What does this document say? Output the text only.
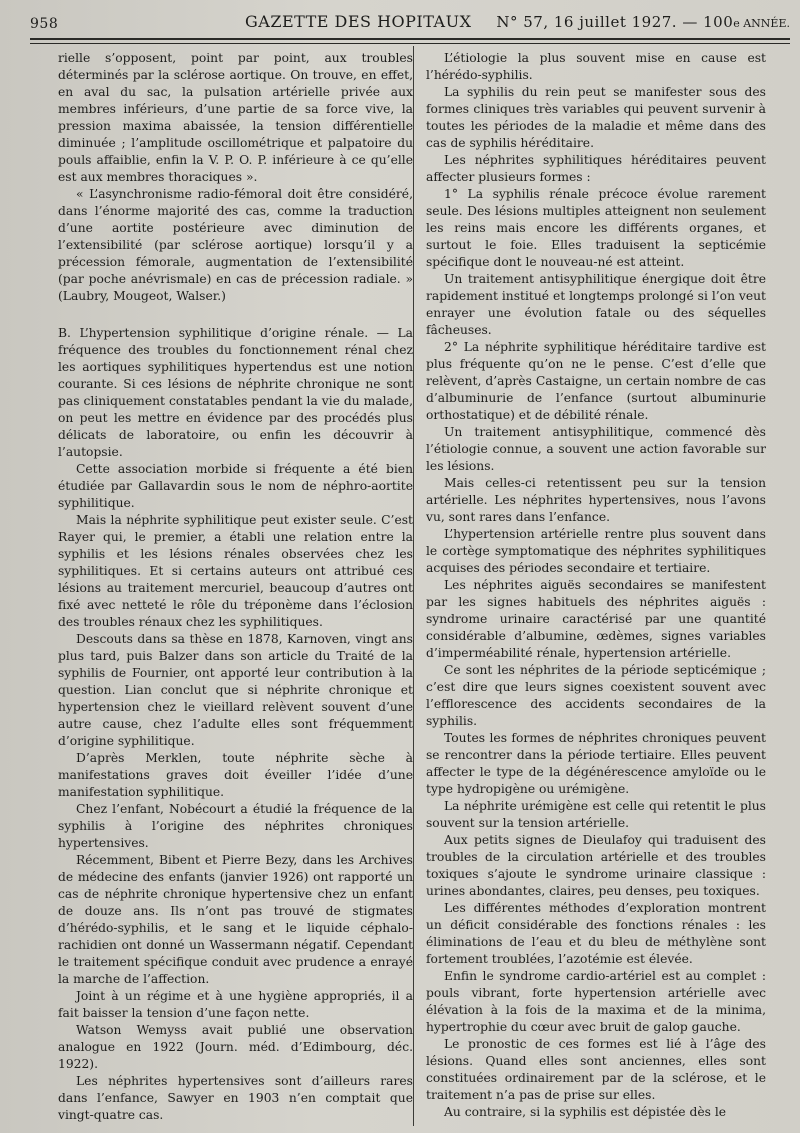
958	GAZETTE DES HOPITAUX N° 57, 16 juillet 1927. — 100e ANNÉE.

rielle s’opposent, point par point, aux troubles déterminés par la sclérose aortique. On trouve, en effet, en aval du sac, la pulsation artérielle privée aux membres inférieurs, d’une partie de sa force vive, la pression maxima abaissée, la tension différentielle diminuée ; l’amplitude oscillométrique et palpatoire du pouls affaiblie, enfin la V. P. O. P. inférieure à ce qu’elle est aux membres thoraciques ».

« L’asynchronisme radio-fémoral doit être considéré, dans l’énorme majorité des cas, comme la traduction d’une aortite postérieure avec diminution de l’extensibilité (par sclérose aortique) lorsqu’il y a précession fémorale, augmentation de l’extensibilité (par poche anévrismale) en cas de précession radiale. » (Laubry, Mougeot, Walser.)

B. L’hypertension syphilitique d’origine rénale. — La fréquence des troubles du fonctionnement rénal chez les aortiques syphilitiques hypertendus est une notion courante. Si ces lésions de néphrite chronique ne sont pas cliniquement constatables pendant la vie du malade, on peut les mettre en évidence par des procédés plus délicats de laboratoire, ou enfin les découvrir à l’autopsie.

Cette association morbide si fréquente a été bien étudiée par Gallavardin sous le nom de néphro-aortite syphilitique.

Mais la néphrite syphilitique peut exister seule. C’est Rayer qui, le premier, a établi une relation entre la syphilis et les lésions rénales observées chez les syphilitiques. Et si certains auteurs ont attribué ces lésions au traitement mercuriel, beaucoup d’autres ont fixé avec netteté le rôle du tréponème dans l’éclosion des troubles rénaux chez les syphilitiques.

Descouts dans sa thèse en 1878, Karnoven, vingt ans plus tard, puis Balzer dans son article du Traité de la syphilis de Fournier, ont apporté leur contribution à la question. Lian conclut que si néphrite chronique et hypertension chez le vieillard relèvent souvent d’une autre cause, chez l’adulte elles sont fréquemment d’origine syphilitique.

D’après Merklen, toute néphrite sèche à manifestations graves doit éveiller l’idée d’une manifestation syphilitique.

Chez l’enfant, Nobécourt a étudié la fréquence de la syphilis à l’origine des néphrites chroniques hypertensives.

Récemment, Bibent et Pierre Bezy, dans les Archives de médecine des enfants (janvier 1926) ont rapporté un cas de néphrite chronique hypertensive chez un enfant de douze ans. Ils n’ont pas trouvé de stigmates d’hérédo-syphilis, et le sang et le liquide céphalo-rachidien ont donné un Wassermann négatif. Cependant le traitement spécifique conduit avec prudence a enrayé la marche de l’affection.

Joint à un régime et à une hygiène appropriés, il a fait baisser la tension d’une façon nette.

Watson Wemyss avait publié une observation analogue en 1922 (Journ. méd. d’Edimbourg, déc. 1922).

Les néphrites hypertensives sont d’ailleurs rares dans l’enfance, Sawyer en 1903 n’en comptait que vingt-quatre cas.

L’étiologie la plus souvent mise en cause est l’hérédo-syphilis.

La syphilis du rein peut se manifester sous des formes cliniques très variables qui peuvent survenir à toutes les périodes de la maladie et même dans des cas de syphilis héréditaire.

Les néphrites syphilitiques héréditaires peuvent affecter plusieurs formes :

1° La syphilis rénale précoce évolue rarement seule. Des lésions multiples atteignent non seulement les reins mais encore les différents organes, et surtout le foie. Elles traduisent la septicémie spécifique dont le nouveau-né est atteint.

Un traitement antisyphilitique énergique doit être rapidement institué et longtemps prolongé si l’on veut enrayer une évolution fatale ou des séquelles fâcheuses.

2° La néphrite syphilitique héréditaire tardive est plus fréquente qu’on ne le pense. C’est d’elle que relèvent, d’après Castaigne, un certain nombre de cas d’albuminurie de l’enfance (surtout albuminurie orthostatique) et de débilité rénale.

Un traitement antisyphilitique, commencé dès l’étiologie connue, a souvent une action favorable sur les lésions.

Mais celles-ci retentissent peu sur la tension artérielle. Les néphrites hypertensives, nous l’avons vu, sont rares dans l’enfance.

L’hypertension artérielle rentre plus souvent dans le cortège symptomatique des néphrites syphilitiques acquises des périodes secondaire et tertiaire.

Les néphrites aiguës secondaires se manifestent par les signes habituels des néphrites aiguës : syndrome urinaire caractérisé par une quantité considérable d’albumine, œdèmes, signes variables d’imperméabilité rénale, hypertension artérielle.

Ce sont les néphrites de la période septicémique ; c’est dire que leurs signes coexistent souvent avec l’efflorescence des accidents secondaires de la syphilis.

Toutes les formes de néphrites chroniques peuvent se rencontrer dans la période tertiaire. Elles peuvent affecter le type de la dégénérescence amyloïde ou le type hydropigène ou urémigène.

La néphrite urémigène est celle qui retentit le plus souvent sur la tension artérielle.

Aux petits signes de Dieulafoy qui traduisent des troubles de la circulation artérielle et des troubles toxiques s’ajoute le syndrome urinaire classique : urines abondantes, claires, peu denses, peu toxiques.

Les différentes méthodes d’exploration montrent un déficit considérable des fonctions rénales : les éliminations de l’eau et du bleu de méthylène sont fortement troublées, l’azotémie est élevée.

Enfin le syndrome cardio-artériel est au complet : pouls vibrant, forte hypertension artérielle avec élévation à la fois de la maxima et de la minima, hypertrophie du cœur avec bruit de galop gauche.

Le pronostic de ces formes est lié à l’âge des lésions. Quand elles sont anciennes, elles sont constituées ordinairement par de la sclérose, et le traitement n’a pas de prise sur elles.

Au contraire, si la syphilis est dépistée dès le
